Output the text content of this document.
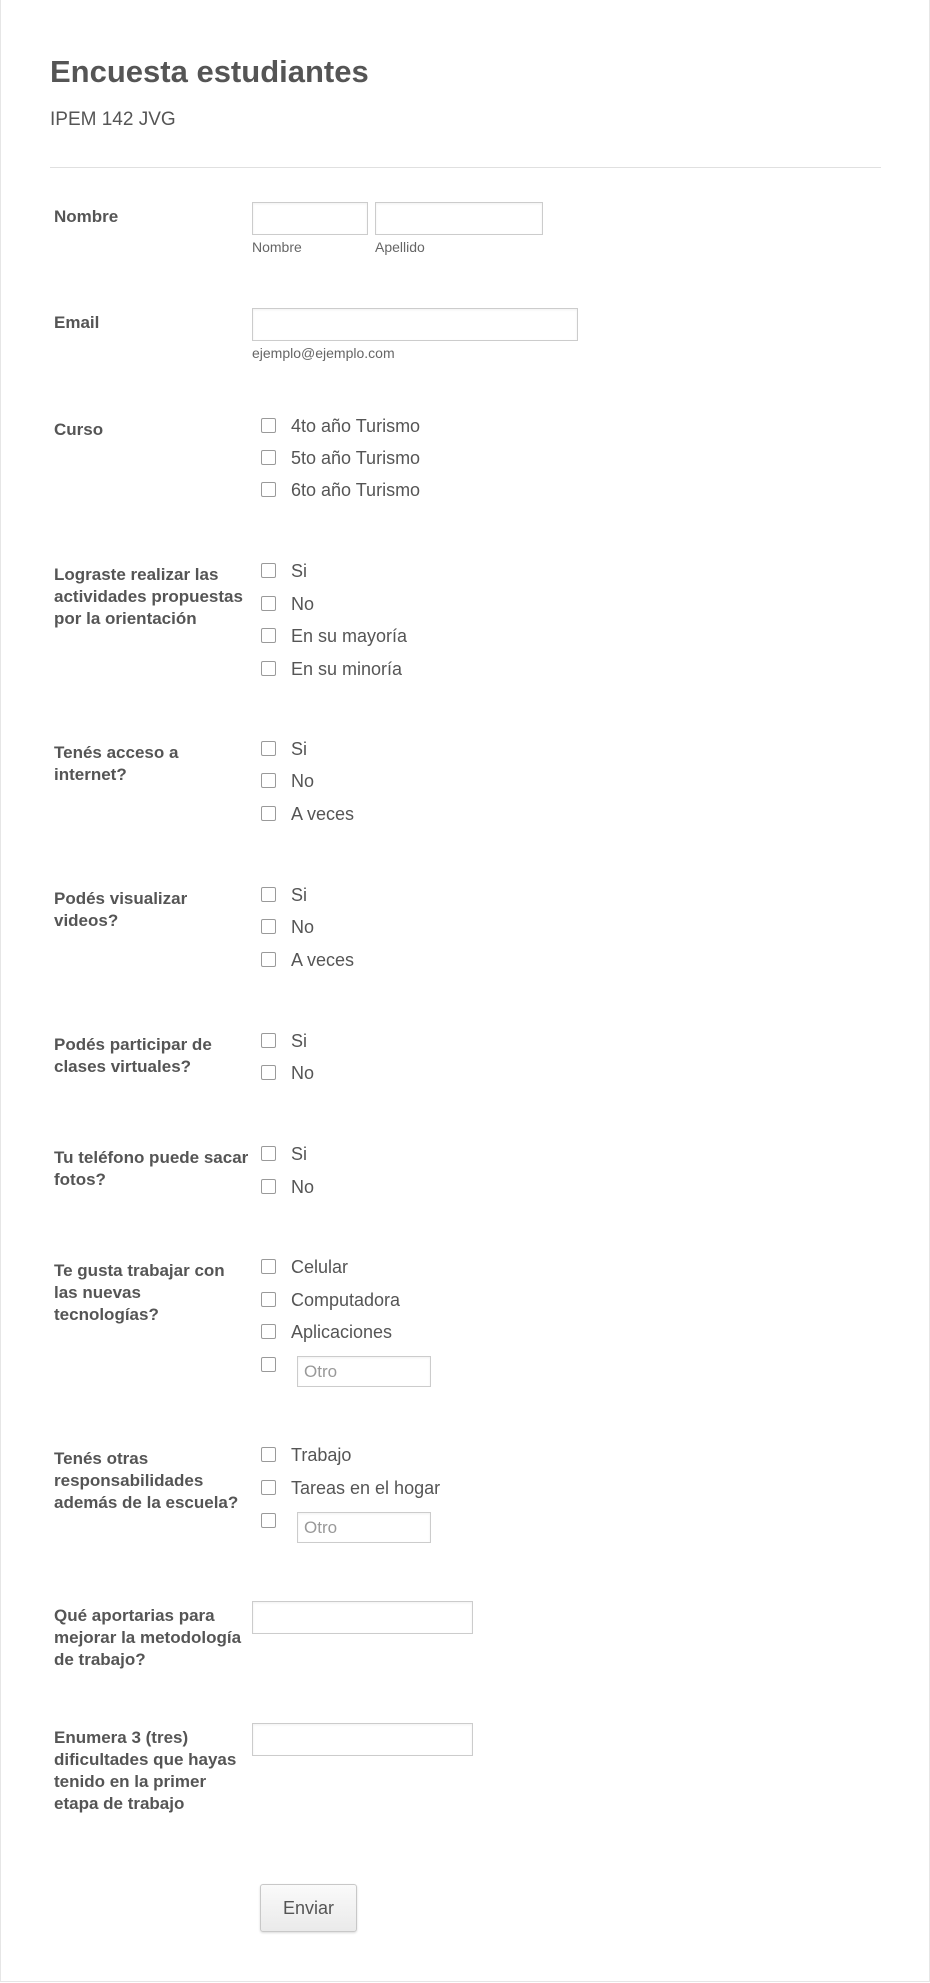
Encuesta estudiantes
IPEM 142 JVG
Nombre
Nombre	Apellido
Email
ejemplo@ejemplo.com
Curso	4to año Turismo
5to año Turismo
6to año Turismo
Lograste realizar las actividades propuestas por la orientación
Si
No
En su mayoría
En su minoría
Tenés acceso a internet?
Si
No
A veces
Podés visualizar videos?
Si
No
A veces
Podés participar de clases virtuales?
Si
No
Tu teléfono puede sacar fotos?
Si
No
Te gusta trabajar con las nuevas tecnologías?
Celular
Computadora
Aplicaciones
Otro
Tenés otras responsabilidades además de la escuela?
Trabajo
Tareas en el hogar
Otro
Qué aportarias para mejorar la metodología de trabajo?
Enumera 3 (tres) dificultades que hayas tenido en la primer etapa de trabajo
Enviar
